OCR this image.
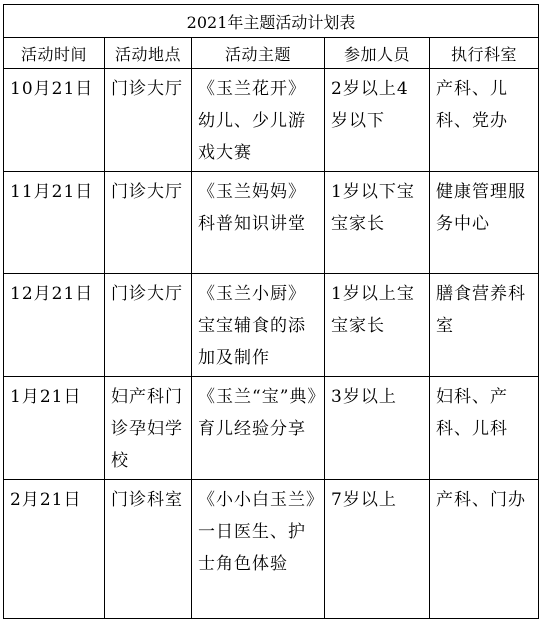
2021年主题活动计划表				
活动时间	活动地点	活动主题	参加人员	执行科室
10月21日	门诊大厅	《玉兰花开》幼儿、少儿游戏大赛	2岁以上4岁以下	产科、儿科、党办
11月21日	门诊大厅	《玉兰妈妈》科普知识讲堂	1岁以下宝宝家长	健康管理服务中心
12月21日	门诊大厅	《玉兰小厨》宝宝辅食的添加及制作	1岁以上宝宝家长	膳食营养科室
1月21日	妇产科门诊孕妇学校	《玉兰“宝”典》育儿经验分享	3岁以上	妇科、产科、儿科
2月21日	门诊科室	《小小白玉兰》一日医生、护士角色体验	7岁以上	产科、门办
